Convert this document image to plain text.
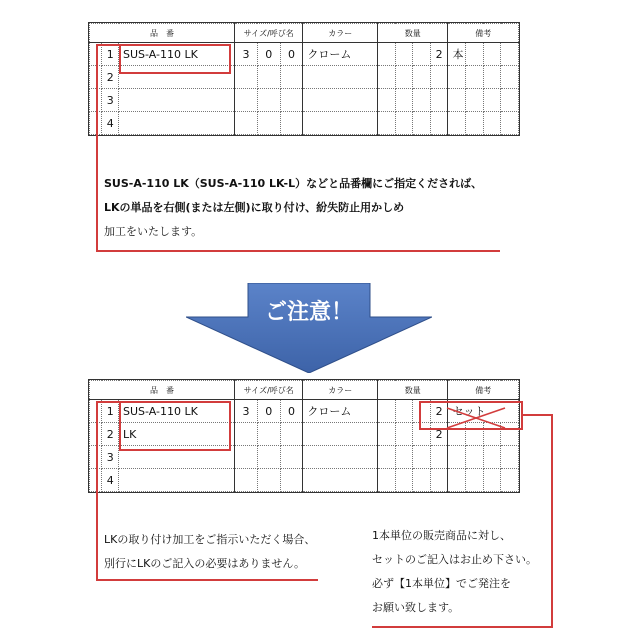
品　番			サイズ/呼び名			カラー	数量				備考			
	1	SUS-A-110 LK	3	0	0	クローム				2	本			
	2													
	3													
	4													
SUS-A-110 LK（SUS-A-110 LK-L）などと品番欄にご指定くだされば、
LKの単品を右側(または左側)に取り付け、紛失防止用かしめ
加工をいたします。
ご注意！
品　番			サイズ/呼び名			カラー	数量				備考			
	1	SUS-A-110 LK	3	0	0	クローム				2	セット			
	2	LK								2				
	3													
	4													
LKの取り付け加工をご指示いただく場合、
別行にLKのご記入の必要はありません。
1本単位の販売商品に対し、
セットのご記入はお止め下さい。
必ず【1本単位】でご発注を
お願い致します。
